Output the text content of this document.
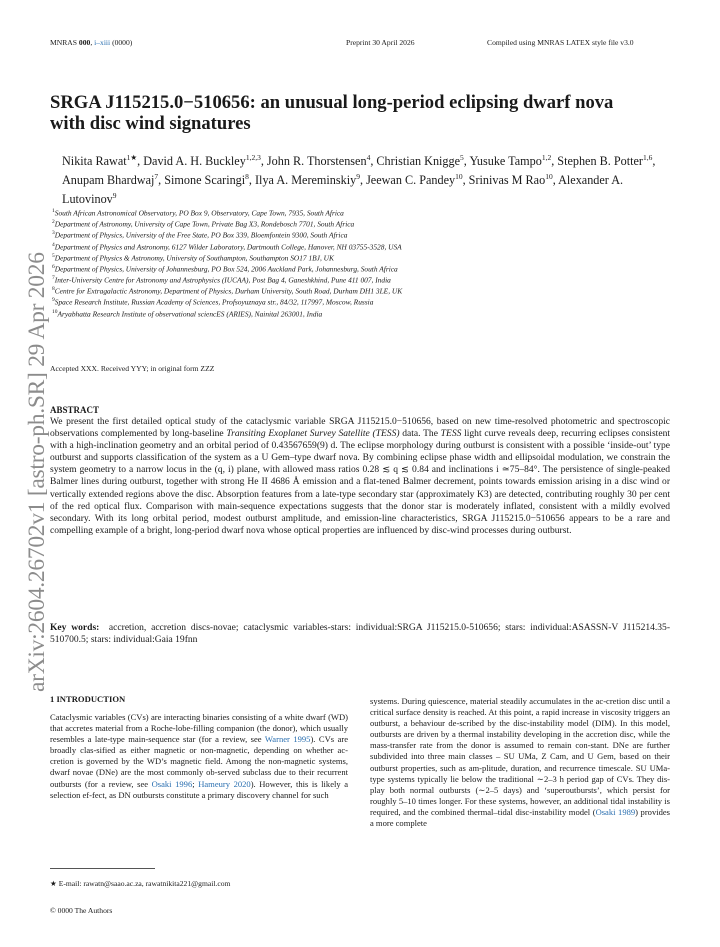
MNRAS 000, i–xiii (0000)	Preprint 30 April 2026	Compiled using MNRAS LATEX style file v3.0
arXiv:2604.26702v1 [astro-ph.SR] 29 Apr 2026
SRGA J115215.0−510656: an unusual long-period eclipsing dwarf nova
with disc wind signatures
Nikita Rawat$^{1★}$, David A. H. Buckley$^{1,2,3}$, John R. Thorstensen$^4$, Christian Knigge$^5$, Yusuke Tampo$^{1,2}$, Stephen B. Potter$^{1,6}$, Anupam Bhardwaj$^7$, Simone Scaringi$^8$, Ilya A. Mereminskiy$^9$, Jeewan C. Pandey$^{10}$, Srinivas M Rao$^{10}$, Alexander A. Lutovinov$^9$
$^1$South African Astronomical Observatory, PO Box 9, Observatory, Cape Town, 7935, South Africa
$^2$Department of Astronomy, University of Cape Town, Private Bag X3, Rondebosch 7701, South Africa
$^3$Department of Physics, University of the Free State, PO Box 339, Bloemfontein 9300, South Africa
$^4$Department of Physics and Astronomy, 6127 Wilder Laboratory, Dartmouth College, Hanover, NH 03755-3528, USA
$^5$Department of Physics & Astronomy, University of Southampton, Southampton SO17 1BJ, UK
$^6$Department of Physics, University of Johannesburg, PO Box 524, 2006 Auckland Park, Johannesburg, South Africa
$^7$Inter-University Centre for Astronomy and Astrophysics (IUCAA), Post Bag 4, Ganeshkhind, Pune 411 007, India
$^8$Centre for Extragalactic Astronomy, Department of Physics, Durham University, South Road, Durham DH1 3LE, UK
$^9$Space Research Institute, Russian Academy of Sciences, Profsoyuznaya str., 84/32, 117997, Moscow, Russia
$^{10}$Aryabhatta Research Institute of observational sciencES (ARIES), Nainital 263001, India
Accepted XXX. Received YYY; in original form ZZZ
ABSTRACT
We present the first detailed optical study of the cataclysmic variable SRGA J115215.0−510656, based on new time-resolved photometric and spectroscopic observations complemented by long-baseline Transiting Exoplanet Survey Satellite (TESS) data. The TESS light curve reveals deep, recurring eclipses consistent with a high-inclination geometry and an orbital period of 0.43567659(9) d. The eclipse morphology during outburst is consistent with a possible ‘inside-out’ type outburst and supports classification of the system as a U Gem–type dwarf nova. By combining eclipse phase width and ellipsoidal modulation, we constrain the system geometry to a narrow locus in the (q, i) plane, with allowed mass ratios 0.28 ≲ q ≲ 0.84 and inclinations i ≃75–84°. The persistence of single-peaked Balmer lines during outburst, together with strong He II 4686 Å emission and a flat-tened Balmer decrement, points towards emission arising in a disc wind or vertically extended regions above the disc. Absorption features from a late-type secondary star (approximately K3) are detected, contributing roughly 30 per cent of the red optical flux. Comparison with main-sequence expectations suggests that the donor star is moderately inflated, consistent with a mildly evolved secondary. With its long orbital period, modest outburst amplitude, and emission-line characteristics, SRGA J115215.0−510656 appears to be a rare and compelling example of a bright, long-period dwarf nova whose optical properties are influenced by disc-wind processes during outburst.
Key words: accretion, accretion discs-novae; cataclysmic variables-stars: individual:SRGA J115215.0-510656; stars: individual:ASASSN-V J115214.35-510700.5; stars: individual:Gaia 19fnn
1 INTRODUCTION
Cataclysmic variables (CVs) are interacting binaries consisting of a white dwarf (WD) that accretes material from a Roche-lobe-filling companion (the donor), which usually resembles a late-type main-sequence star (for a review, see Warner 1995). CVs are broadly clas-sified as either magnetic or non-magnetic, depending on whether ac-cretion is governed by the WD’s magnetic field. Among the non-magnetic systems, dwarf novae (DNe) are the most commonly ob-served subclass due to their recurrent outbursts (for a review, see Osaki 1996; Hameury 2020). However, this is likely a selection ef-fect, as DN outbursts constitute a primary discovery channel for such
systems. During quiescence, material steadily accumulates in the ac-cretion disc until a critical surface density is reached. At this point, a rapid increase in viscosity triggers an outburst, a behaviour de-scribed by the disc-instability model (DIM). In this model, outbursts are driven by a thermal instability developing in the accretion disc, while the mass-transfer rate from the donor is assumed to remain con-stant. DNe are further subdivided into three main classes – SU UMa, Z Cam, and U Gem, based on their outburst properties, such as am-plitude, duration, and recurrence timescale. SU UMa-type systems typically lie below the traditional ∼2–3 h period gap of CVs. They dis-play both normal outbursts (∼2–5 days) and ‘superoutbursts’, which persist for roughly 5–10 times longer. For these systems, however, an additional tidal instability is required, and the combined thermal–tidal disc-instability model (Osaki 1989) provides a more complete
★ E-mail: rawatn@saao.ac.za, rawatnikita221@gmail.com
© 0000 The Authors
